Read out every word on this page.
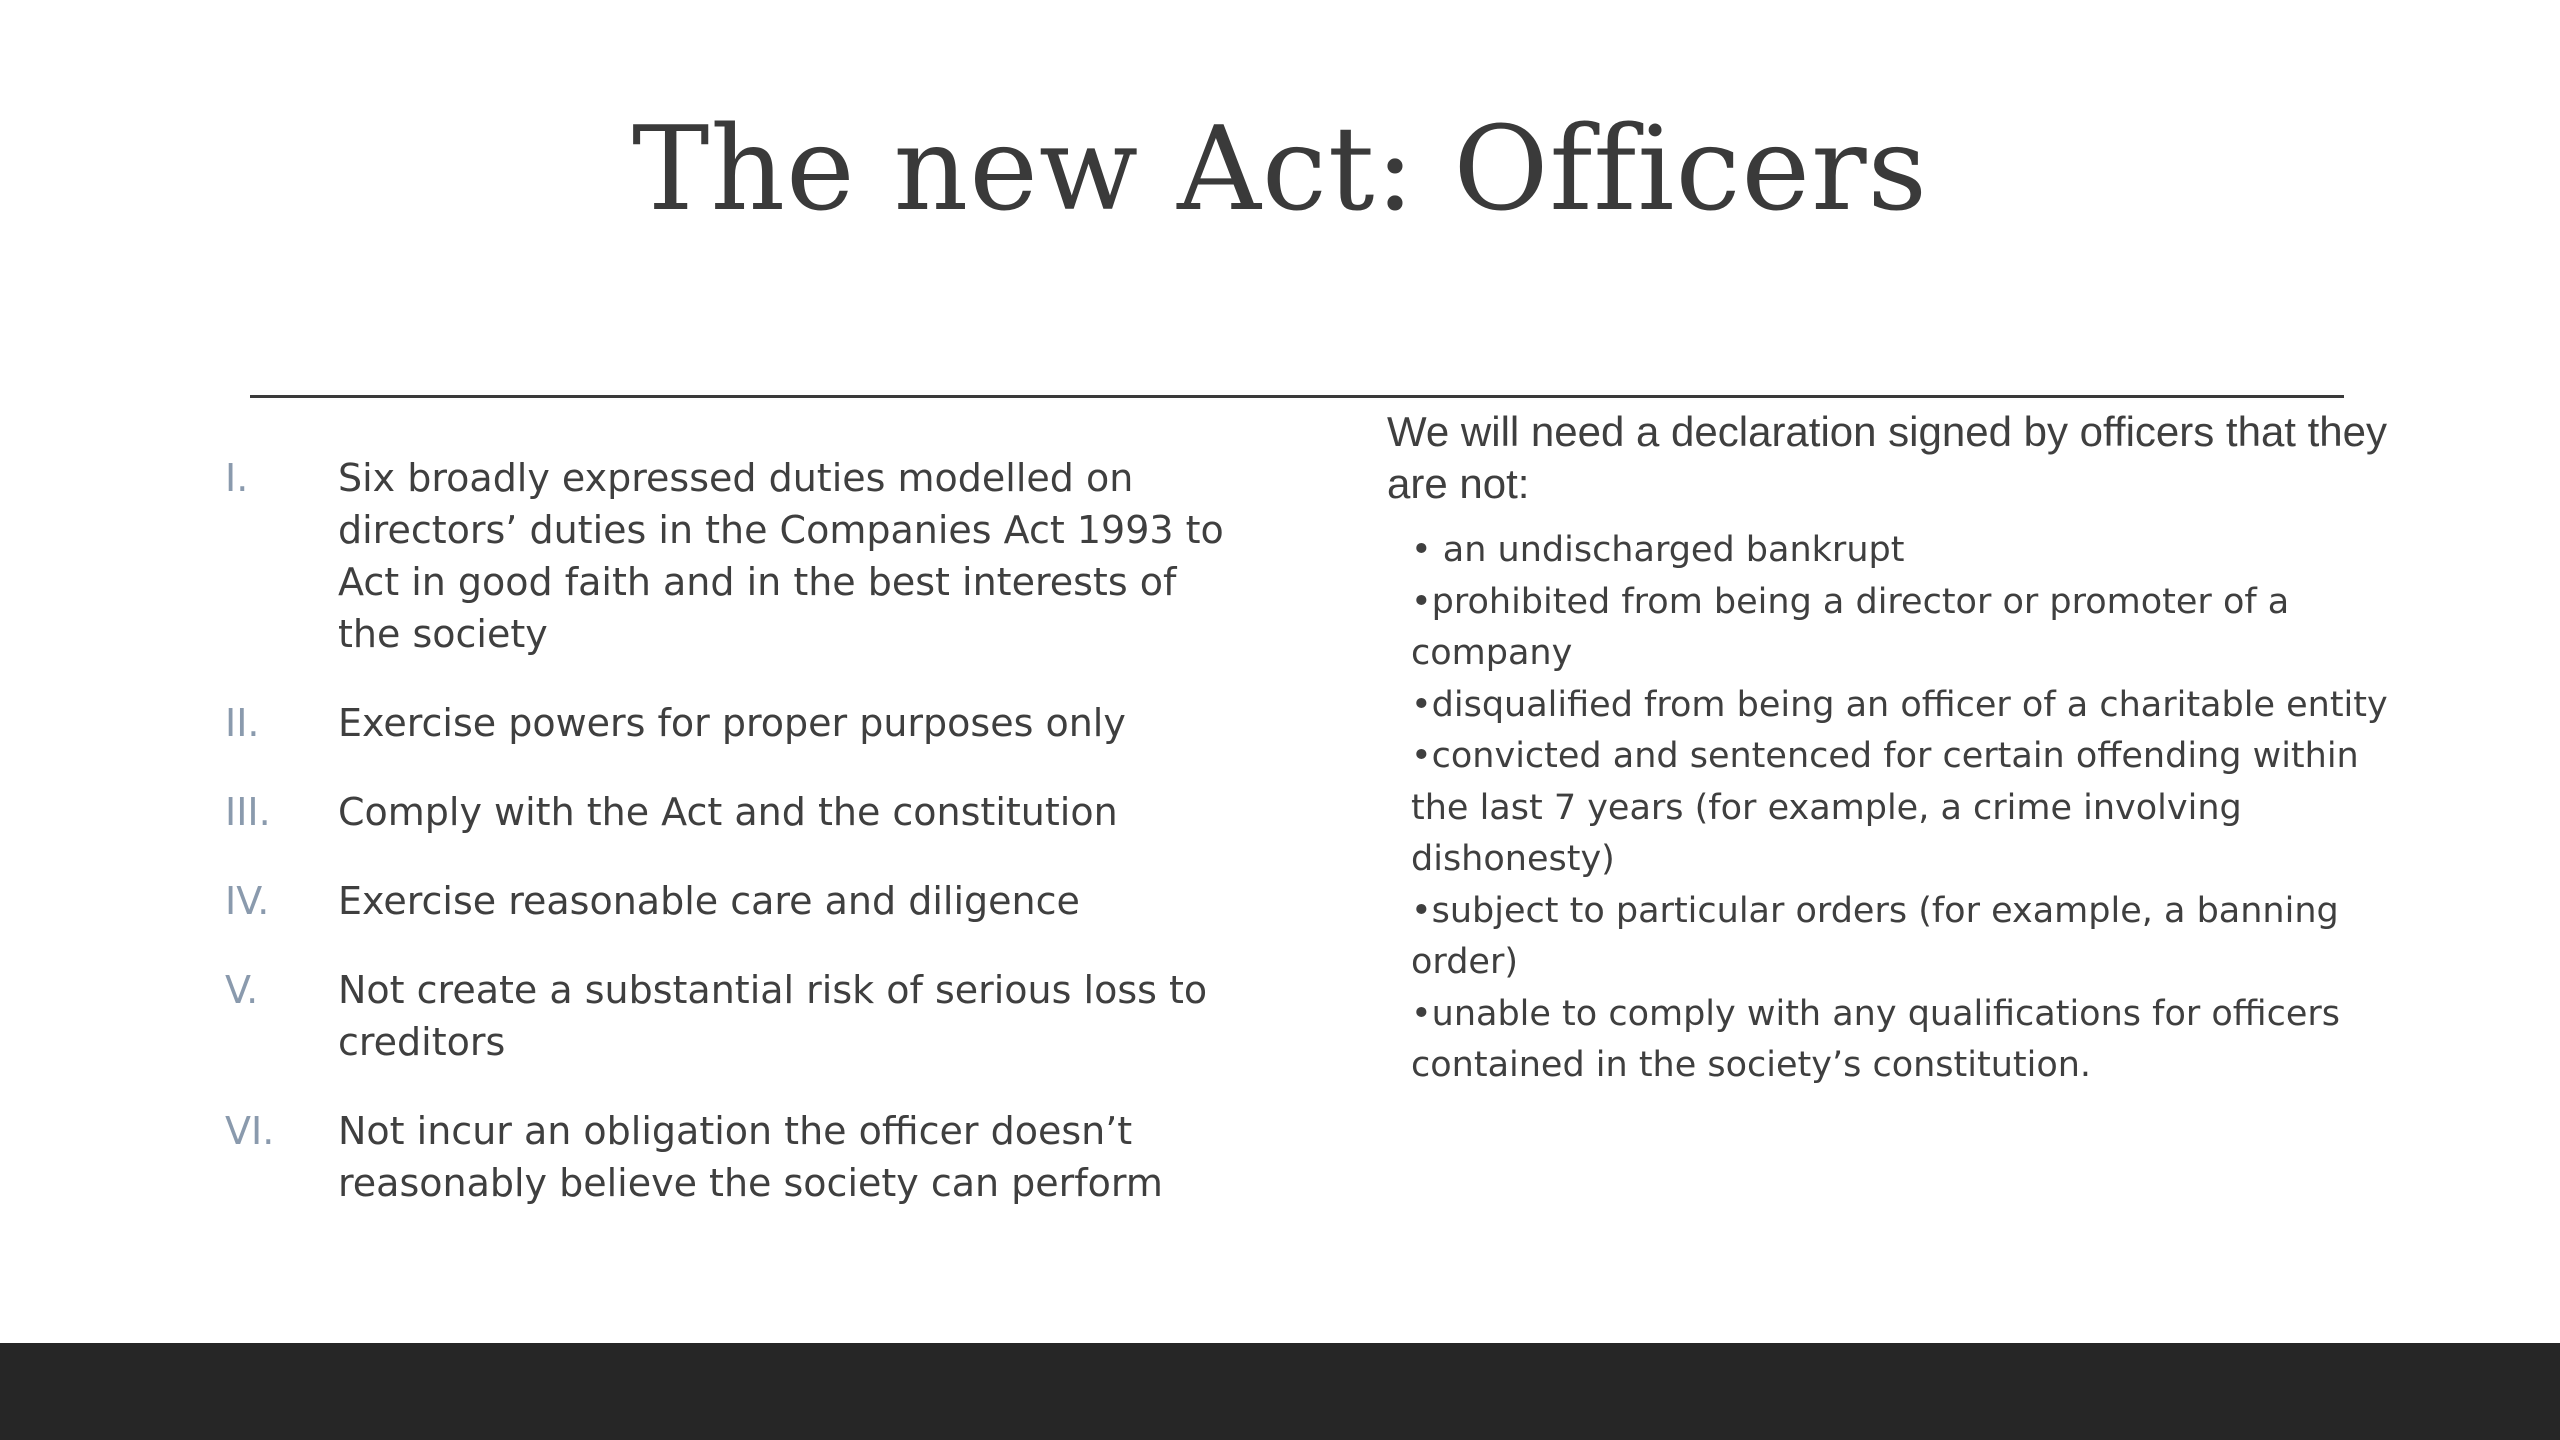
The new Act: Officers
I.	Six broadly expressed duties modelled on directors’ duties in the Companies Act 1993 to Act in good faith and in the best interests of the society
II.	Exercise powers for proper purposes only
III.	Comply with the Act and the constitution
IV.	Exercise reasonable care and diligence
V.	Not create a substantial risk of serious loss to creditors
VI.	Not incur an obligation the officer doesn’t reasonably believe the society can perform
We will need a declaration signed by officers that they are not:
• an undischarged bankrupt
•prohibited from being a director or promoter of a company
•disqualified from being an officer of a charitable entity
•convicted and sentenced for certain offending within the last 7 years (for example, a crime involving dishonesty)
•subject to particular orders (for example, a banning order)
•unable to comply with any qualifications for officers contained in the society’s constitution.
